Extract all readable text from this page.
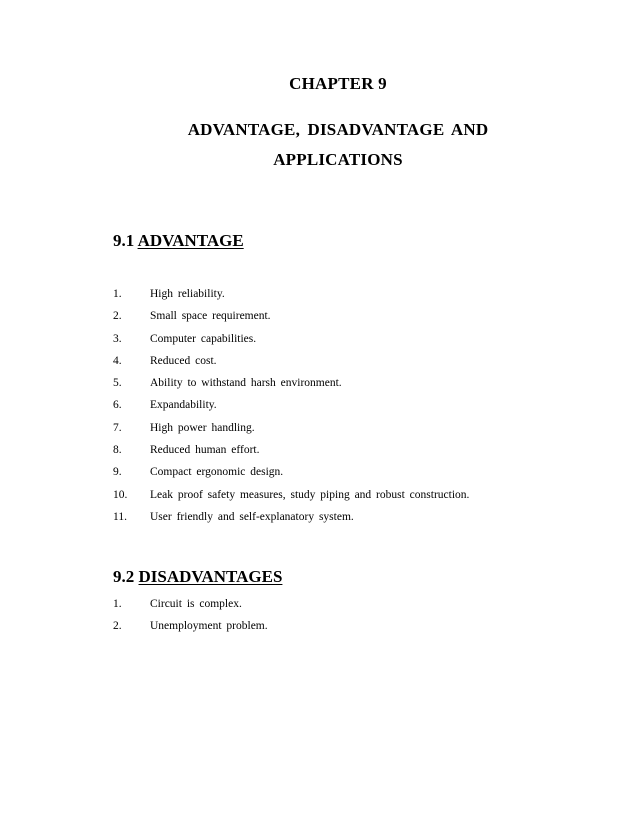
CHAPTER 9
ADVANTAGE, DISADVANTAGE AND
APPLICATIONS
9.1 ADVANTAGE
1. High reliability.
2. Small space requirement.
3. Computer capabilities.
4. Reduced cost.
5. Ability to withstand harsh environment.
6. Expandability.
7. High power handling.
8. Reduced human effort.
9. Compact ergonomic design.
10. Leak proof safety measures, study piping and robust construction.
11. User friendly and self-explanatory system.
9.2 DISADVANTAGES
1. Circuit is complex.
2. Unemployment problem.
